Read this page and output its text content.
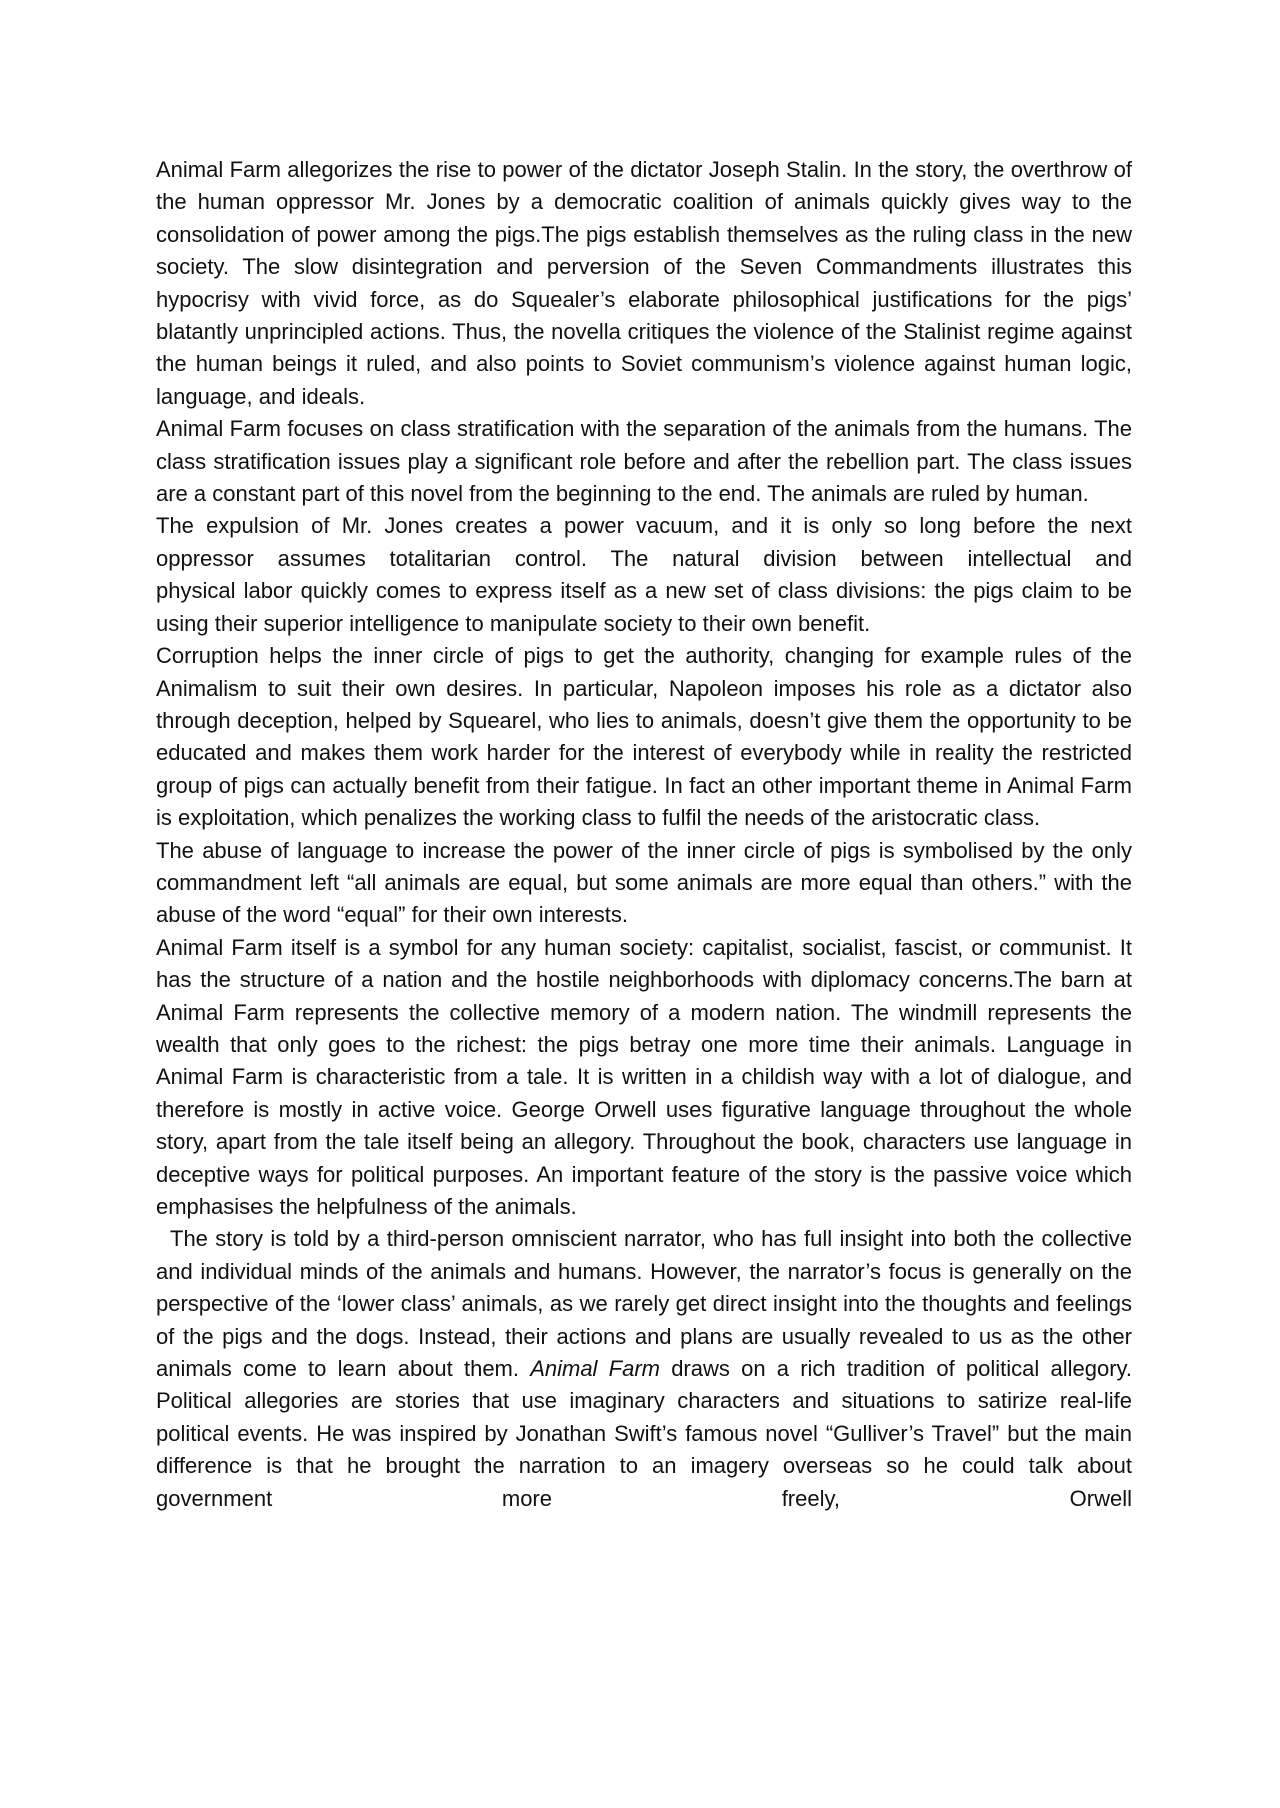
Animal Farm allegorizes the rise to power of the dictator Joseph Stalin. In the story, the overthrow of the human oppressor Mr. Jones by a democratic coalition of animals quickly gives way to the consolidation of power among the pigs.The pigs establish themselves as the ruling class in the new society. The slow disintegration and perversion of the Seven Commandments illustrates this hypocrisy with vivid force, as do Squealer’s elaborate philosophical justifications for the pigs’ blatantly unprincipled actions. Thus, the novella critiques the violence of the Stalinist regime against the human beings it ruled, and also points to Soviet communism’s violence against human logic, language, and ideals.

Animal Farm focuses on class stratification with the separation of the animals from the humans. The class stratification issues play a significant role before and after the rebellion part. The class issues are a constant part of this novel from the beginning to the end. The animals are ruled by human.

The expulsion of Mr. Jones creates a power vacuum, and it is only so long before the next oppressor assumes totalitarian control. The natural division between intellectual and
physical labor quickly comes to express itself as a new set of class divisions: the pigs claim to be using their superior intelligence to manipulate society to their own benefit.

Corruption helps the inner circle of pigs to get the authority, changing for example rules of the Animalism to suit their own desires. In particular, Napoleon imposes his role as a dictator also through deception, helped by Squearel, who lies to animals, doesn’t give them the opportunity to be educated and makes them work harder for the interest of everybody while in reality the restricted group of pigs can actually benefit from their fatigue. In fact an other important theme in Animal Farm is exploitation, which penalizes the working class to fulfil the needs of the aristocratic class.

The abuse of language to increase the power of the inner circle of pigs is symbolised by the only commandment left “all animals are equal, but some animals are more equal than others.” with the abuse of the word “equal” for their own interests.

Animal Farm itself is a symbol for any human society: capitalist, socialist, fascist, or communist. It has the structure of a nation and the hostile neighborhoods with diplomacy concerns.The barn at Animal Farm represents the collective memory of a modern nation. The windmill represents the wealth that only goes to the richest: the pigs betray one more time their animals. Language in Animal Farm is characteristic from a tale. It is written in a childish way with a lot of dialogue, and therefore is mostly in active voice. George Orwell uses figurative language throughout the whole story, apart from the tale itself being an allegory. Throughout the book, characters use language in deceptive ways for political purposes. An important feature of the story is the passive voice which emphasises the helpfulness of the animals.

The story is told by a third-person omniscient narrator, who has full insight into both the collective and individual minds of the animals and humans. However, the narrator’s focus is generally on the perspective of the ‘lower class’ animals, as we rarely get direct insight into the thoughts and feelings of the pigs and the dogs. Instead, their actions and plans are usually revealed to us as the other animals come to learn about them. Animal Farm draws on a rich tradition of political allegory. Political allegories are stories that use imaginary characters and situations to satirize real-life political events. He was inspired by Jonathan Swift’s famous novel “Gulliver’s Travel” but the main difference is that he brought the narration to an imagery overseas so he could talk about government more freely, Orwell
